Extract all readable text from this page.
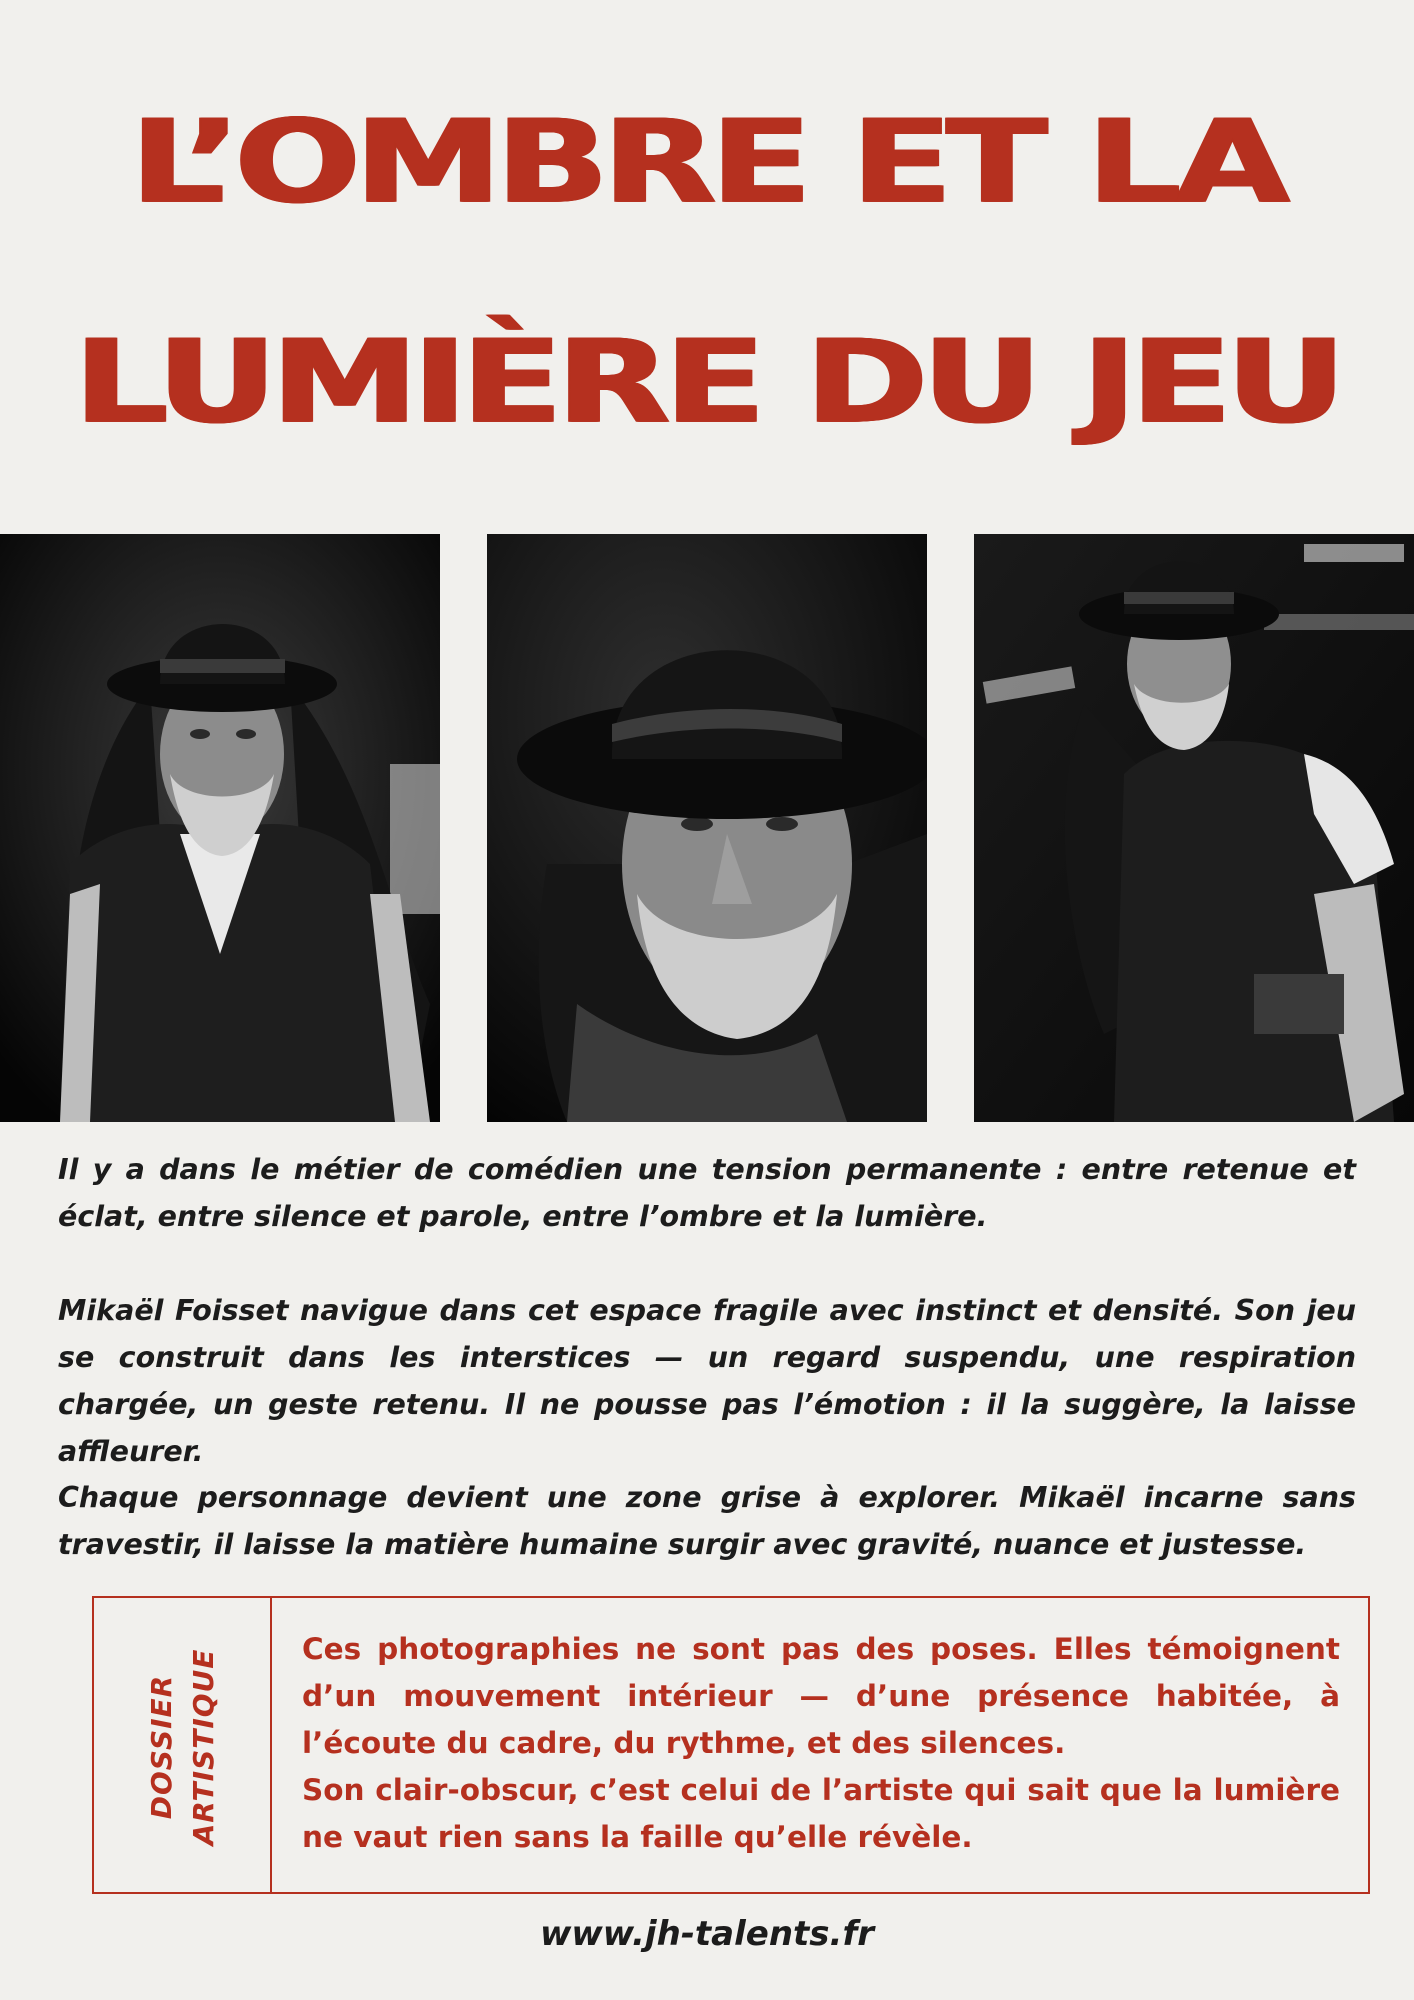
L’OMBRE ET LA
LUMIÈRE DU JEU

Il y a dans le métier de comédien une tension permanente : entre retenue et éclat, entre silence et parole, entre l’ombre et la lumière.

Mikaël Foisset navigue dans cet espace fragile avec instinct et densité. Son jeu se construit dans les interstices — un regard suspendu, une respiration chargée, un geste retenu. Il ne pousse pas l’émotion : il la suggère, la laisse affleurer.

Chaque personnage devient une zone grise à explorer. Mikaël incarne sans travestir, il laisse la matière humaine surgir avec gravité, nuance et justesse.

DOSSIER ARTISTIQUE	Ces photographies ne sont pas des poses. Elles témoignent d’un mouvement intérieur — d’une présence habitée, à l’écoute du cadre, du rythme, et des silences.

Son clair-obscur, c’est celui de l’artiste qui sait que la lumière ne vaut rien sans la faille qu’elle révèle.

www.jh-talents.fr
